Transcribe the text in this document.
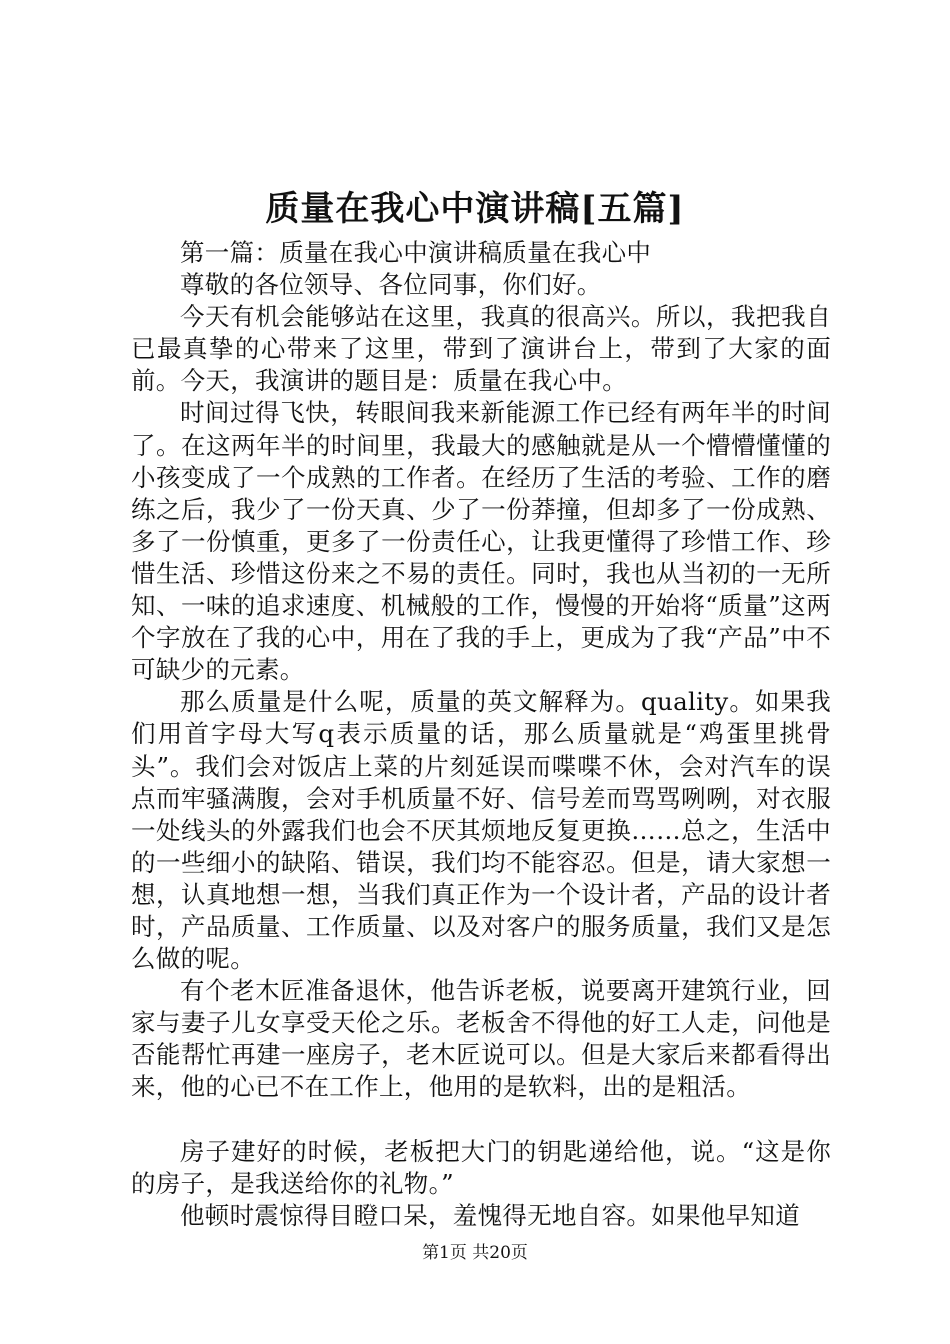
质量在我心中演讲稿[五篇]

第一篇：质量在我心中演讲稿质量在我心中

尊敬的各位领导、各位同事，你们好。

今天有机会能够站在这里，我真的很高兴。所以，我把我自已最真挚的心带来了这里，带到了演讲台上，带到了大家的面前。今天，我演讲的题目是：质量在我心中。

时间过得飞快，转眼间我来新能源工作已经有两年半的时间了。在这两年半的时间里，我最大的感触就是从一个懵懵懂懂的小孩变成了一个成熟的工作者。在经历了生活的考验、工作的磨练之后，我少了一份天真、少了一份莽撞，但却多了一份成熟、多了一份慎重，更多了一份责任心，让我更懂得了珍惜工作、珍惜生活、珍惜这份来之不易的责任。同时，我也从当初的一无所知、一味的追求速度、机械般的工作，慢慢的开始将“质量”这两个字放在了我的心中，用在了我的手上，更成为了我“产品”中不可缺少的元素。

那么质量是什么呢，质量的英文解释为。quality。如果我们用首字母大写q表示质量的话，那么质量就是“鸡蛋里挑骨头”。我们会对饭店上菜的片刻延误而喋喋不休，会对汽车的误点而牢骚满腹，会对手机质量不好、信号差而骂骂咧咧，对衣服一处线头的外露我们也会不厌其烦地反复更换……总之，生活中的一些细小的缺陷、错误，我们均不能容忍。但是，请大家想一想，认真地想一想，当我们真正作为一个设计者，产品的设计者时，产品质量、工作质量、以及对客户的服务质量，我们又是怎么做的呢。

有个老木匠准备退休，他告诉老板，说要离开建筑行业，回家与妻子儿女享受天伦之乐。老板舍不得他的好工人走，问他是否能帮忙再建一座房子，老木匠说可以。但是大家后来都看得出来，他的心已不在工作上，他用的是软料，出的是粗活。

房子建好的时候，老板把大门的钥匙递给他，说。“这是你的房子，是我送给你的礼物。”

他顿时震惊得目瞪口呆，羞愧得无地自容。如果他早知道

第1页 共20页
